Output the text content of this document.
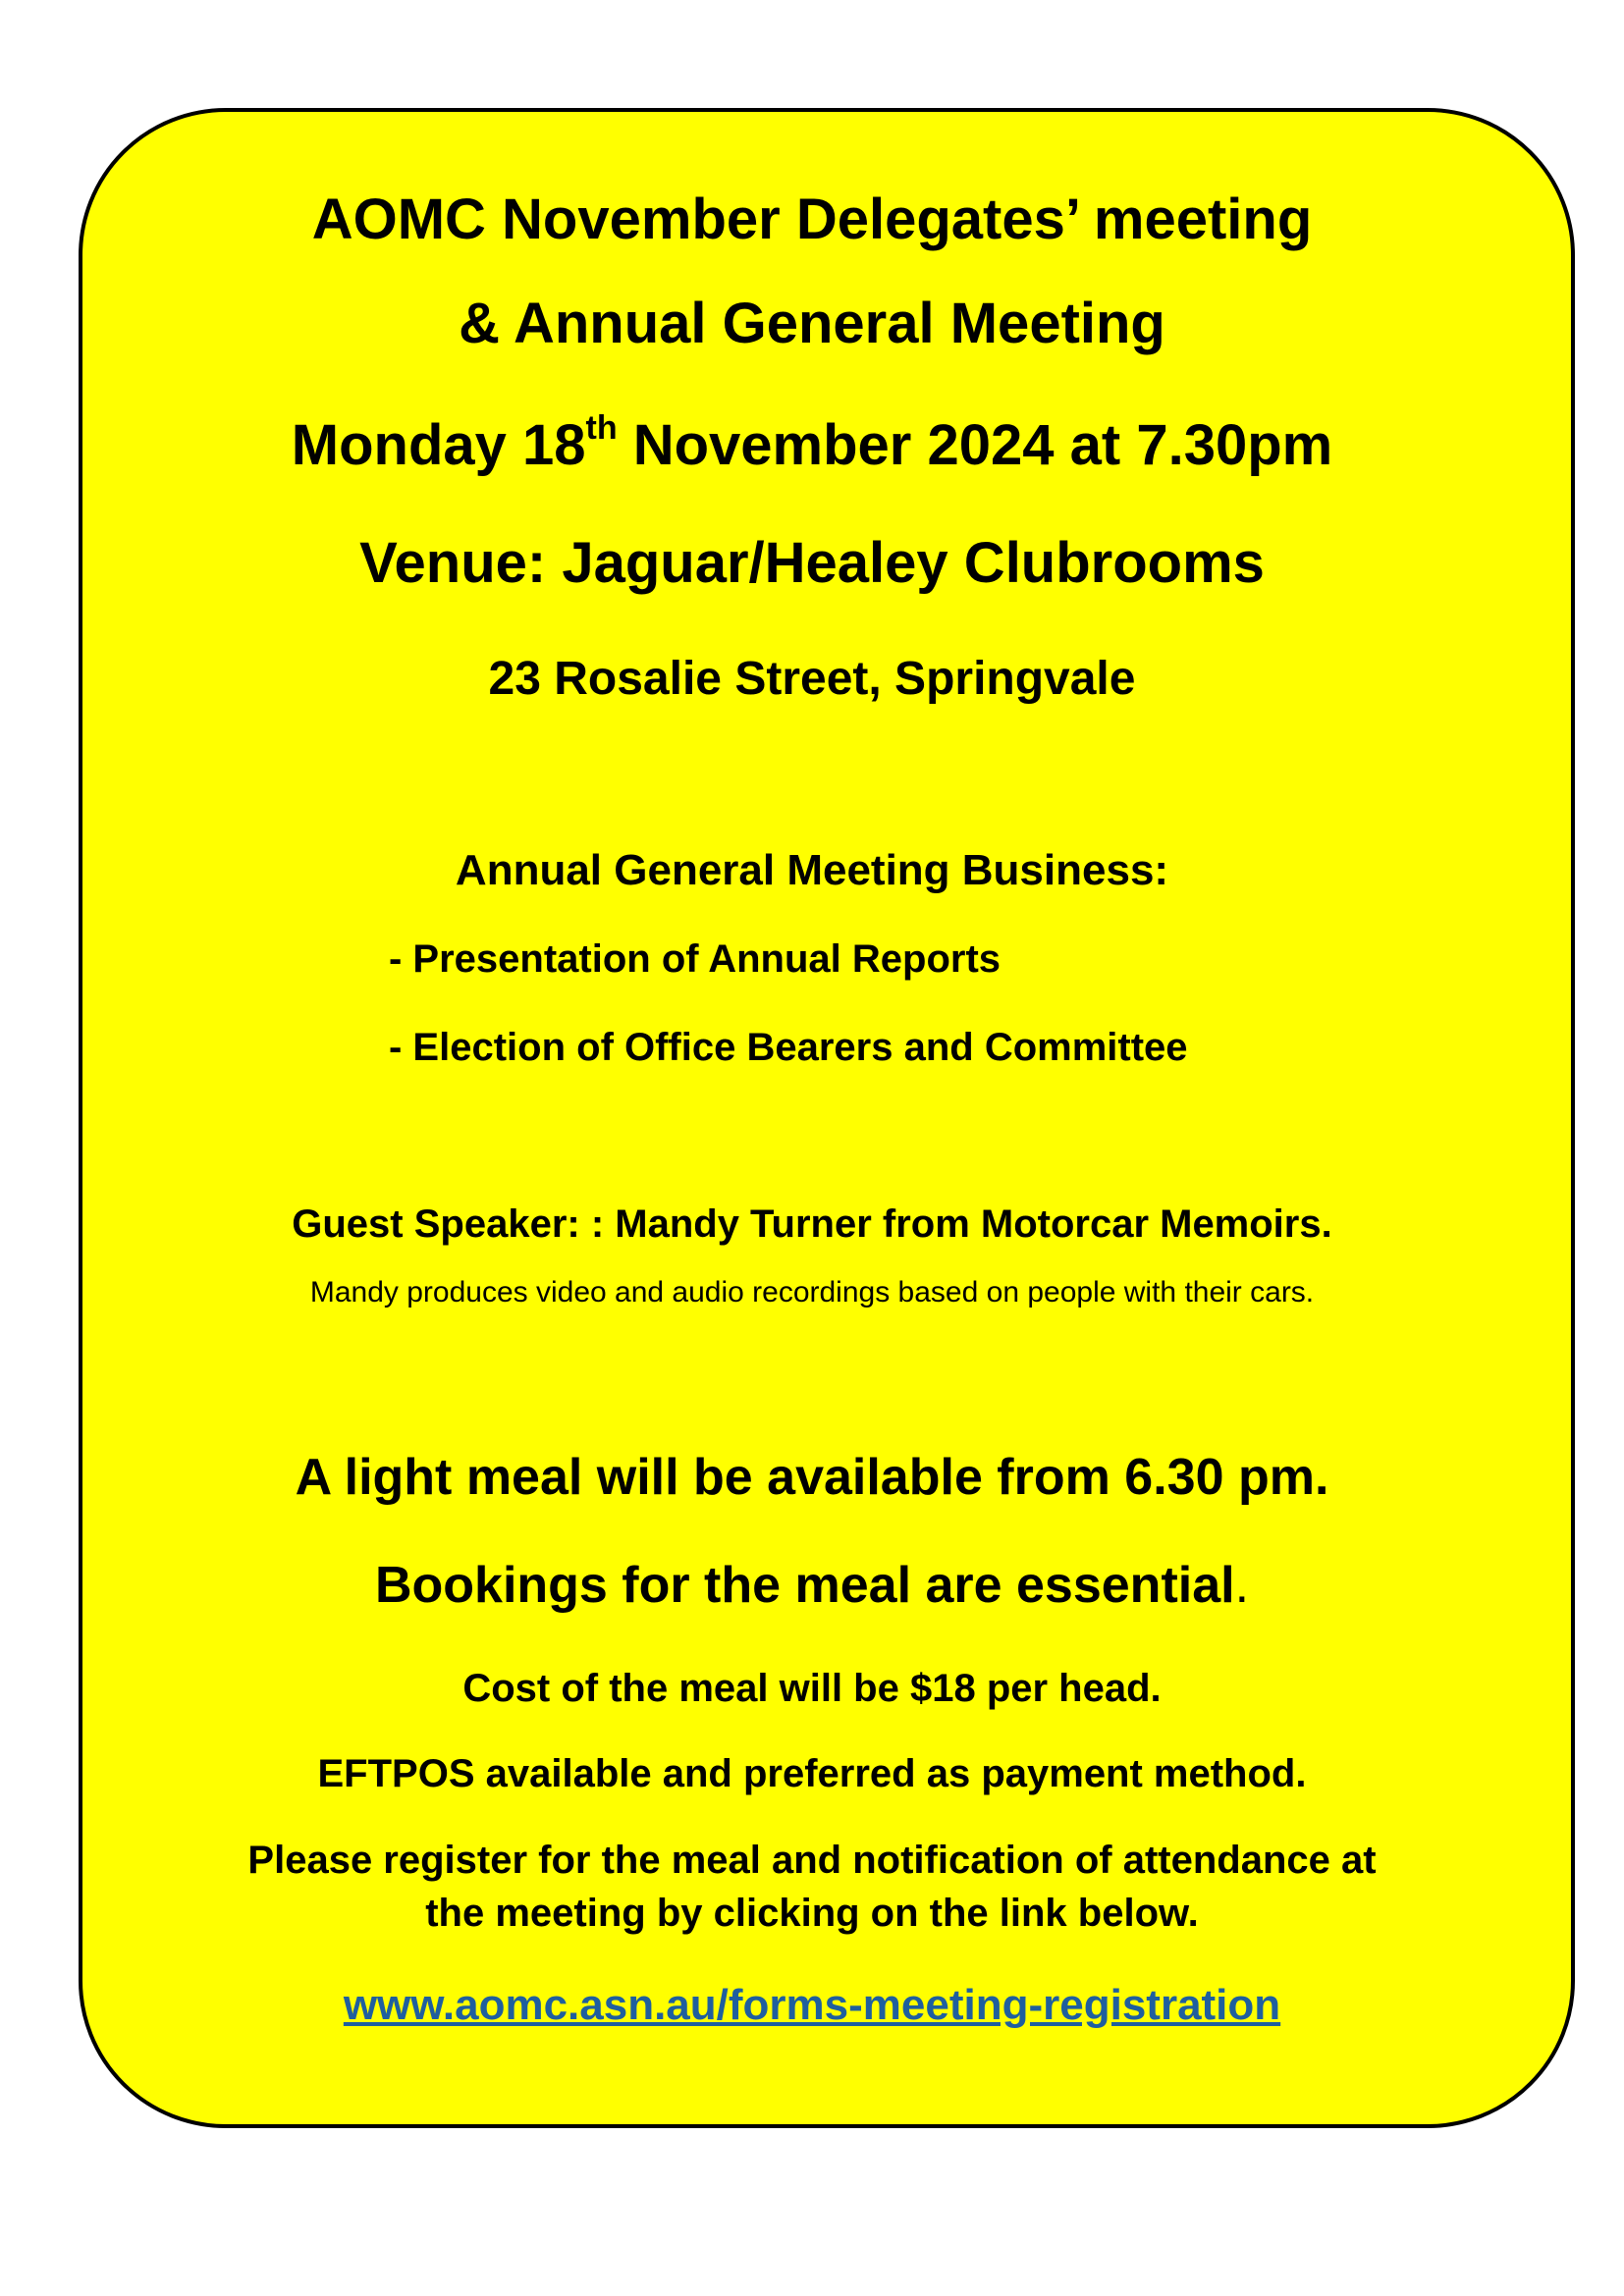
AOMC November Delegates’ meeting
& Annual General Meeting
Monday 18th November 2024 at 7.30pm
Venue: Jaguar/Healey Clubrooms
23 Rosalie Street, Springvale
Annual General Meeting Business:
- Presentation of Annual Reports
- Election of Office Bearers and Committee
Guest Speaker: : Mandy Turner from Motorcar Memoirs.
Mandy produces video and audio recordings based on people with their cars.
A light meal will be available from 6.30 pm.
Bookings for the meal are essential.
Cost of the meal will be $18 per head.
EFTPOS available and preferred as payment method.
Please register for the meal and notification of attendance at
the meeting by clicking on the link below.
www.aomc.asn.au/forms-meeting-registration
